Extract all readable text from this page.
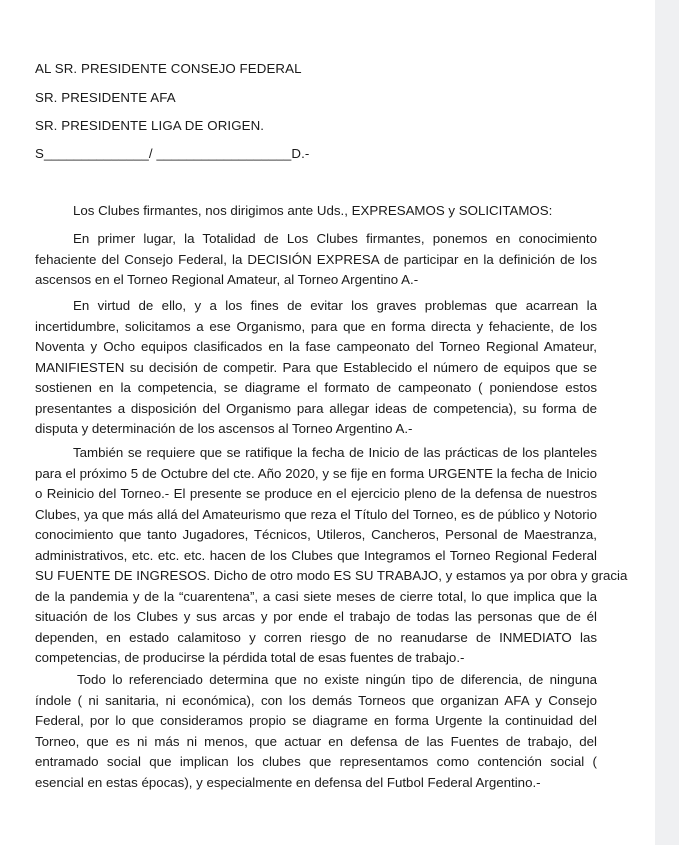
AL SR. PRESIDENTE CONSEJO FEDERAL
SR. PRESIDENTE AFA
SR. PRESIDENTE LIGA DE ORIGEN.
S______________/ __________________D.-
Los Clubes firmantes, nos dirigimos ante Uds., EXPRESAMOS y SOLICITAMOS:
En primer lugar, la Totalidad de Los Clubes firmantes, ponemos en conocimiento
fehaciente del Consejo Federal, la DECISIÓN EXPRESA de participar en la definición de los
ascensos en el Torneo Regional Amateur, al Torneo Argentino A.-
En virtud de ello, y a los fines de evitar los graves problemas que acarrean la
incertidumbre, solicitamos a ese Organismo, para que en forma directa y fehaciente, de los
Noventa y Ocho equipos clasificados en la fase campeonato del Torneo Regional Amateur,
MANIFIESTEN su decisión de competir. Para que Establecido el número de equipos que se
sostienen en la competencia, se diagrame el formato de campeonato ( poniendose estos
presentantes a disposición del Organismo para allegar ideas de competencia), su forma de
disputa y determinación de los ascensos al Torneo Argentino A.-
También se requiere que se ratifique la fecha de Inicio de las prácticas de los planteles
para el próximo 5 de Octubre del cte. Año 2020, y se fije en forma URGENTE la fecha de Inicio
o Reinicio del Torneo.- El presente se produce en el ejercicio pleno de la defensa de nuestros
Clubes, ya que más allá del Amateurismo que reza el Título del Torneo, es de público y Notorio
conocimiento que tanto Jugadores, Técnicos, Utileros, Cancheros, Personal de Maestranza,
administrativos, etc. etc. etc. hacen de los Clubes que Integramos el Torneo Regional Federal
SU FUENTE DE INGRESOS. Dicho de otro modo ES SU TRABAJO, y estamos ya por obra y gracia
de la pandemia y de la “cuarentena”, a casi siete meses de cierre total, lo que implica que la
situación de los Clubes y sus arcas y por ende el trabajo de todas las personas que de él
dependen, en estado calamitoso y corren riesgo de no reanudarse de INMEDIATO las
competencias, de producirse la pérdida total de esas fuentes de trabajo.-
Todo lo referenciado determina que no existe ningún tipo de diferencia, de ninguna
índole ( ni sanitaria, ni económica), con los demás Torneos que organizan AFA y Consejo
Federal, por lo que consideramos propio se diagrame en forma Urgente la continuidad del
Torneo, que es ni más ni menos, que actuar en defensa de las Fuentes de trabajo, del
entramado social que implican los clubes que representamos como contención social (
esencial en estas épocas), y especialmente en defensa del Futbol Federal Argentino.-
